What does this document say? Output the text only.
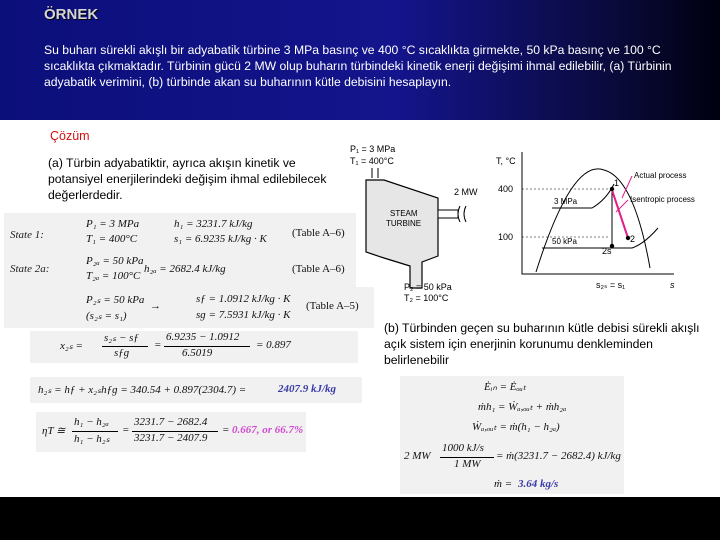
ÖRNEK
Su buharı sürekli akışlı bir adyabatik türbine 3 MPa basınç ve 400 °C sıcaklıkta girmekte, 50 kPa basınç ve 100 °C sıcaklıkta çıkmaktadır. Türbinin gücü 2 MW olup buharın türbindeki kinetik enerji değişimi ihmal edilebilir, (a) Türbinin adyabatik verimini, (b) türbinde akan su buharının kütle debisini hesaplayın.
Çözüm
(a) Türbin adyabatiktir, ayrıca akışın kinetik ve potansiyel enerjilerindeki değişim ihmal edilebilecek değerlerdedir.
P₁ = 3 MPa
T₁ = 400°C
2 MW
STEAM
TURBINE
P₂ = 50 kPa
T₂ = 100°C
T, °C
s
400
100
3 MPa
50 kPa
1
2
2s
Actual process
Isentropic process
s₂ₛ = s₁
State 1:
P₁ = 3 MPa
T₁ = 400°C
h₁ = 3231.7 kJ/kg
s₁ = 6.9235 kJ/kg · K (Table A–6)
State 2a:
P₂ₐ = 50 kPa
T₂ₐ = 100°C
h₂ₐ = 2682.4 kJ/kg	(Table A–6)
P₂ₛ = 50 kPa
(s₂ₛ = s₁)
→
sƒ = 1.0912 kJ/kg · K
sɡ = 7.5931 kJ/kg · K
(Table A–5)
x₂ₛ =
s₂ₛ − sƒ
sƒɡ
=
6.9235 − 1.0912
6.5019
= 0.897
h₂ₛ = hƒ + x₂ₛhƒɡ = 340.54 + 0.897(2304.7) =	2407.9 kJ/kg
ηT ≅
h₁ − h₂ₐ
h₁ − h₂ₛ
=
3231.7 − 2682.4
3231.7 − 2407.9
= 0.667, or 66.7%
(b) Türbinden geçen su buharının kütle debisi sürekli akışlı açık sistem için enerjinin korunumu denkleminden belirlenebilir
Ėᵢₙ = Ėₒᵤₜ
ṁh₁ = Ẇₐ,ₒᵤₜ + ṁh₂ₐ
Ẇₐ,ₒᵤₜ = ṁ(h₁ − h₂ₐ)
2 MW
1000 kJ/s
1 MW
= ṁ(3231.7 − 2682.4) kJ/kg
ṁ = 3.64 kg/s
